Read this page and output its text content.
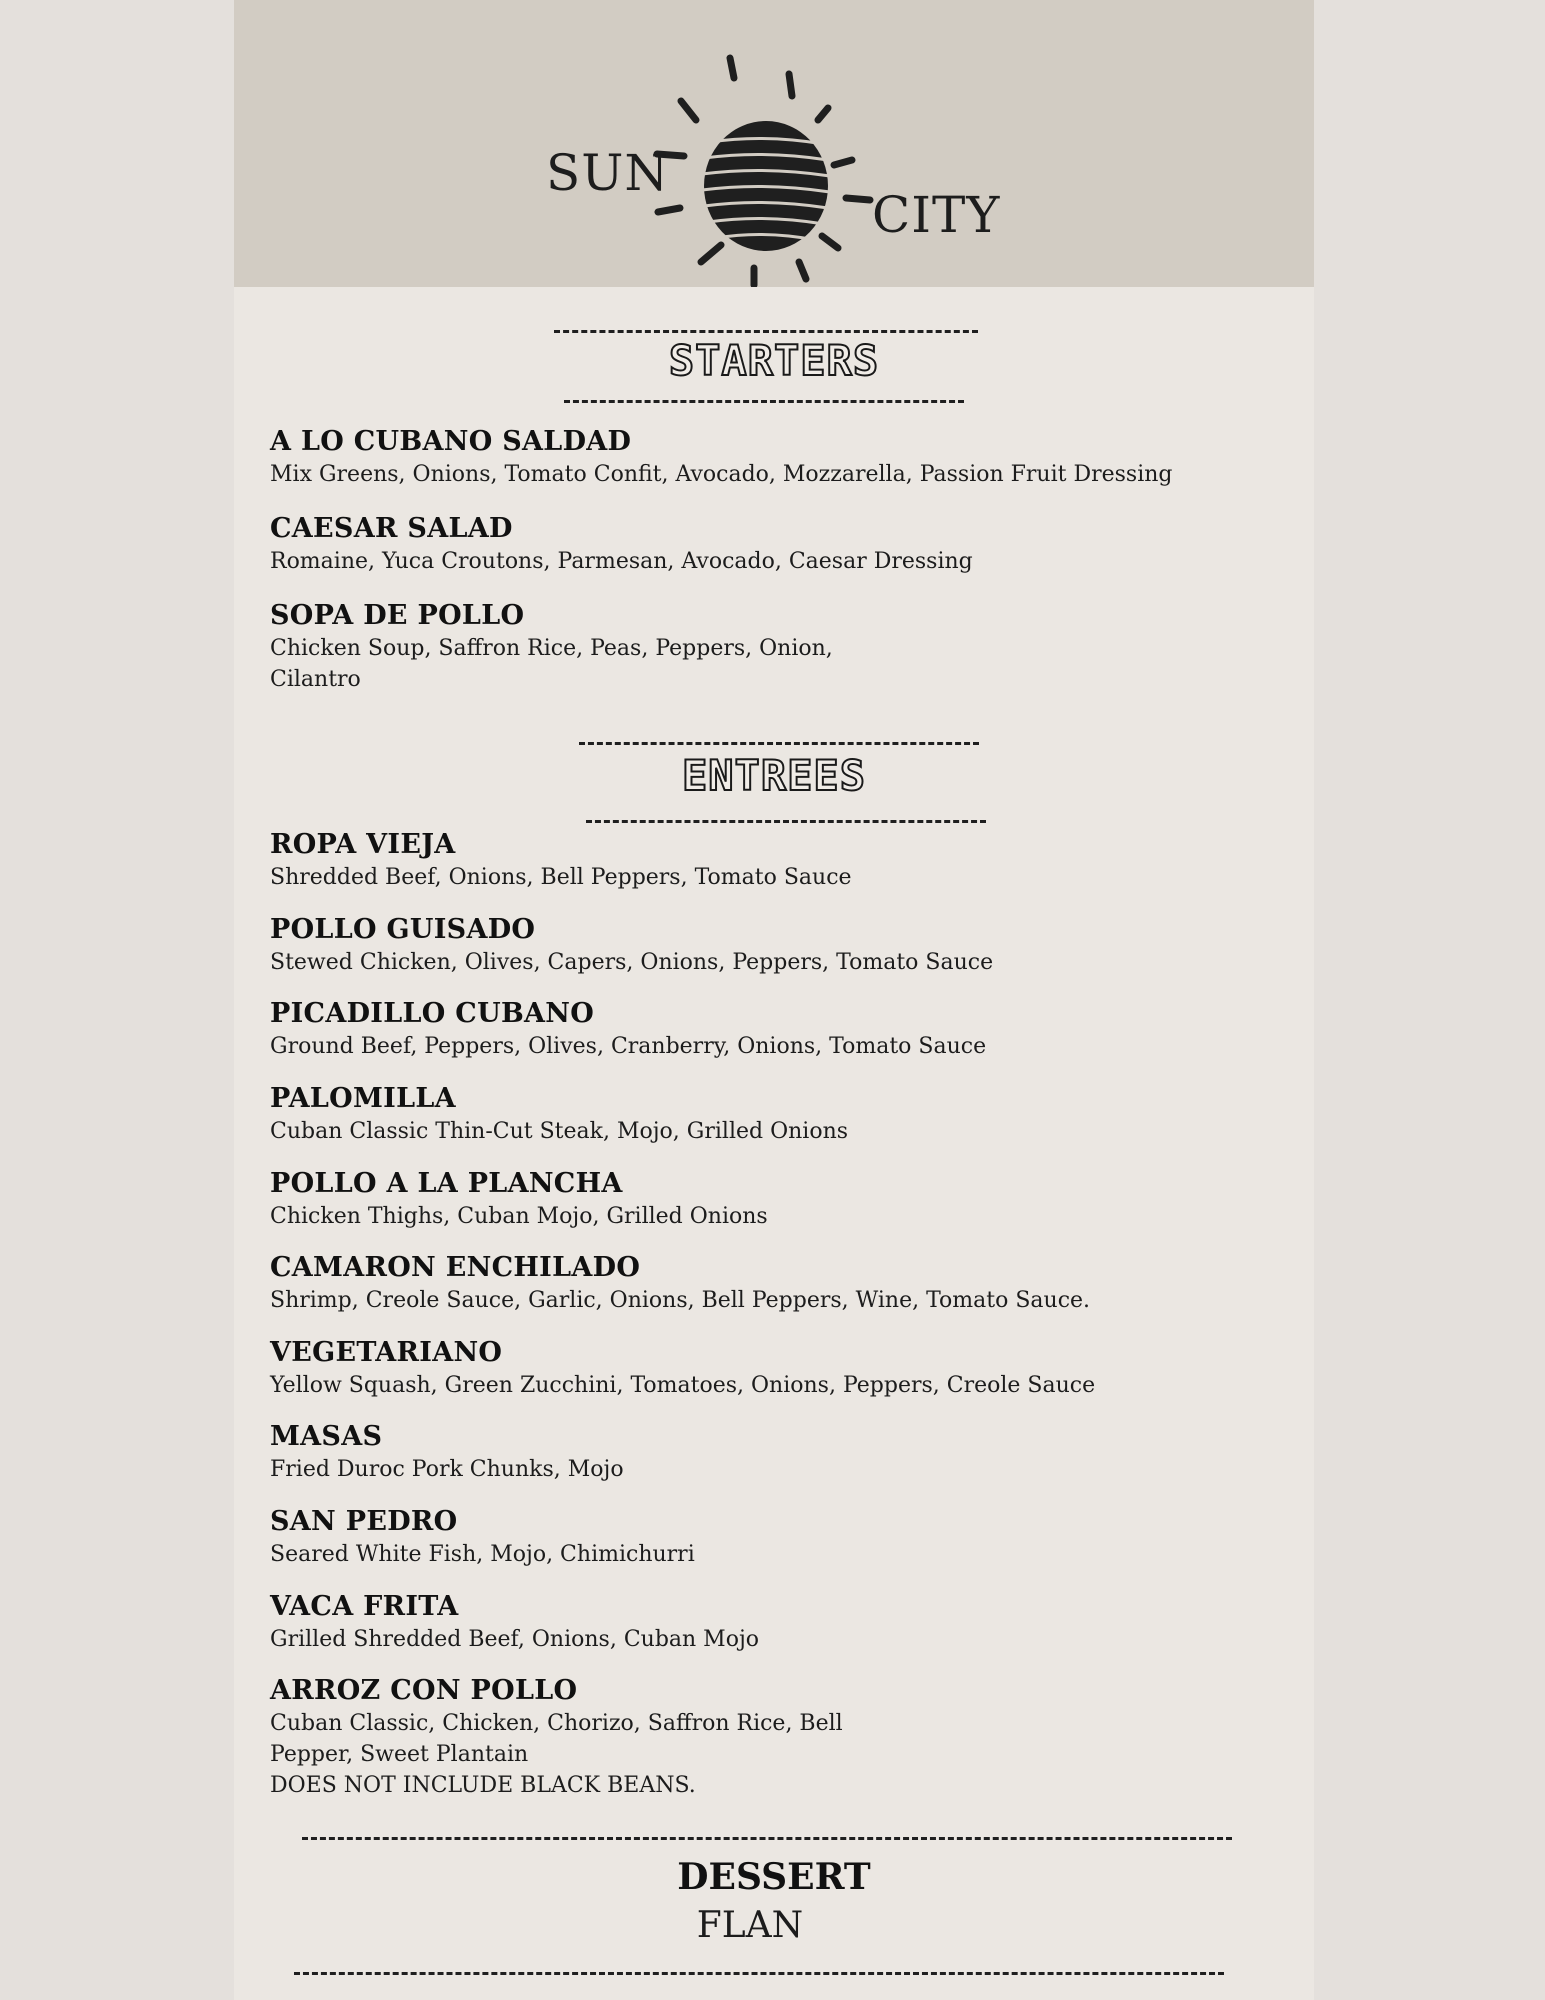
SUN
CITY
STARTERS
A LO CUBANO SALDAD
Mix Greens, Onions, Tomato Confit, Avocado, Mozzarella, Passion Fruit Dressing
CAESAR SALAD
Romaine, Yuca Croutons, Parmesan, Avocado, Caesar Dressing
SOPA DE POLLO
Chicken Soup, Saffron Rice, Peas, Peppers, Onion, Cilantro
ENTREES
ROPA VIEJA
Shredded Beef, Onions, Bell Peppers, Tomato Sauce
POLLO GUISADO
Stewed Chicken, Olives, Capers, Onions, Peppers, Tomato Sauce
PICADILLO CUBANO
Ground Beef, Peppers, Olives, Cranberry, Onions, Tomato Sauce
PALOMILLA
Cuban Classic Thin-Cut Steak, Mojo, Grilled Onions
POLLO A LA PLANCHA
Chicken Thighs, Cuban Mojo, Grilled Onions
CAMARON ENCHILADO
Shrimp, Creole Sauce, Garlic, Onions, Bell Peppers, Wine, Tomato Sauce.
VEGETARIANO
Yellow Squash, Green Zucchini, Tomatoes, Onions, Peppers, Creole Sauce
MASAS
Fried Duroc Pork Chunks, Mojo
SAN PEDRO
Seared White Fish, Mojo, Chimichurri
VACA FRITA
Grilled Shredded Beef, Onions, Cuban Mojo
ARROZ CON POLLO
Cuban Classic, Chicken, Chorizo, Saffron Rice, Bell Pepper, Sweet Plantain
DOES NOT INCLUDE BLACK BEANS.
DESSERT
FLAN
